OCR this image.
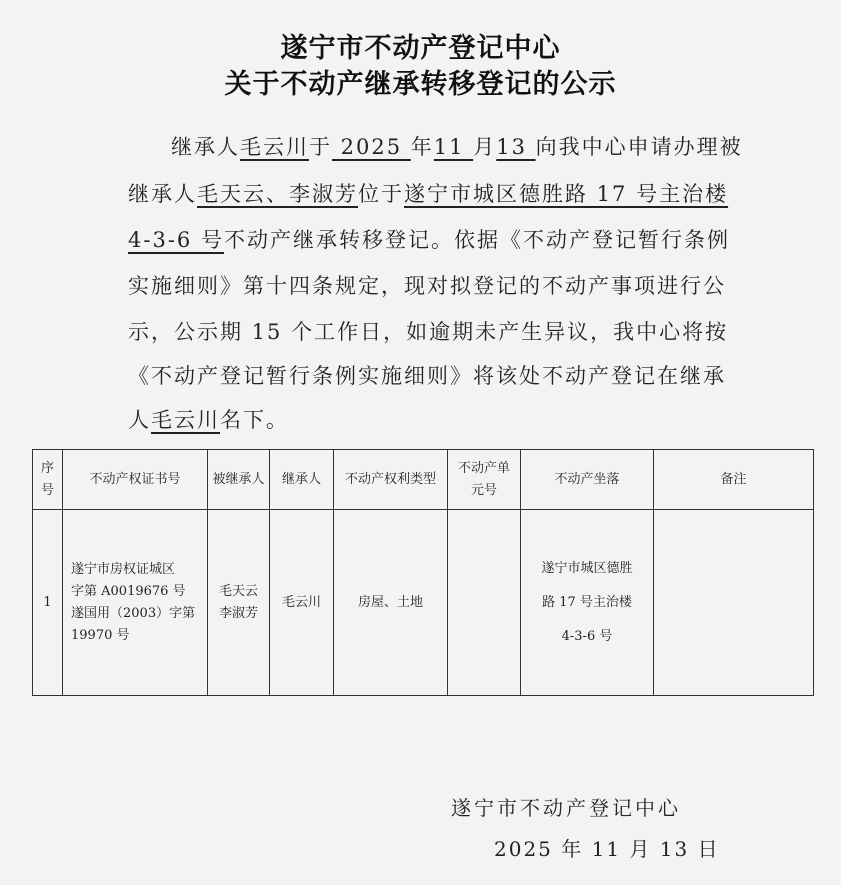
遂宁市不动产登记中心
关于不动产继承转移登记的公示
继承人毛云川于 2025 年11 月13 向我中心申请办理被
继承人毛天云、李淑芳位于遂宁市城区德胜路 17 号主治楼
4-3-6 号不动产继承转移登记。依据《不动产登记暂行条例
实施细则》第十四条规定，现对拟登记的不动产事项进行公
示，公示期 15 个工作日，如逾期未产生异议，我中心将按
《不动产登记暂行条例实施细则》将该处不动产登记在继承
人毛云川名下。
序
号	不动产权证书号	被继承人	继承人	不动产权利类型	不动产单
元号	不动产坐落	备注
1	遂宁市房权证城区
字第 A0019676 号
遂国用（2003）字第
19970 号	毛天云
李淑芳	毛云川	房屋、土地		遂宁市城区德胜
路 17 号主治楼
4-3-6 号	
遂宁市不动产登记中心
2025 年 11 月 13 日
